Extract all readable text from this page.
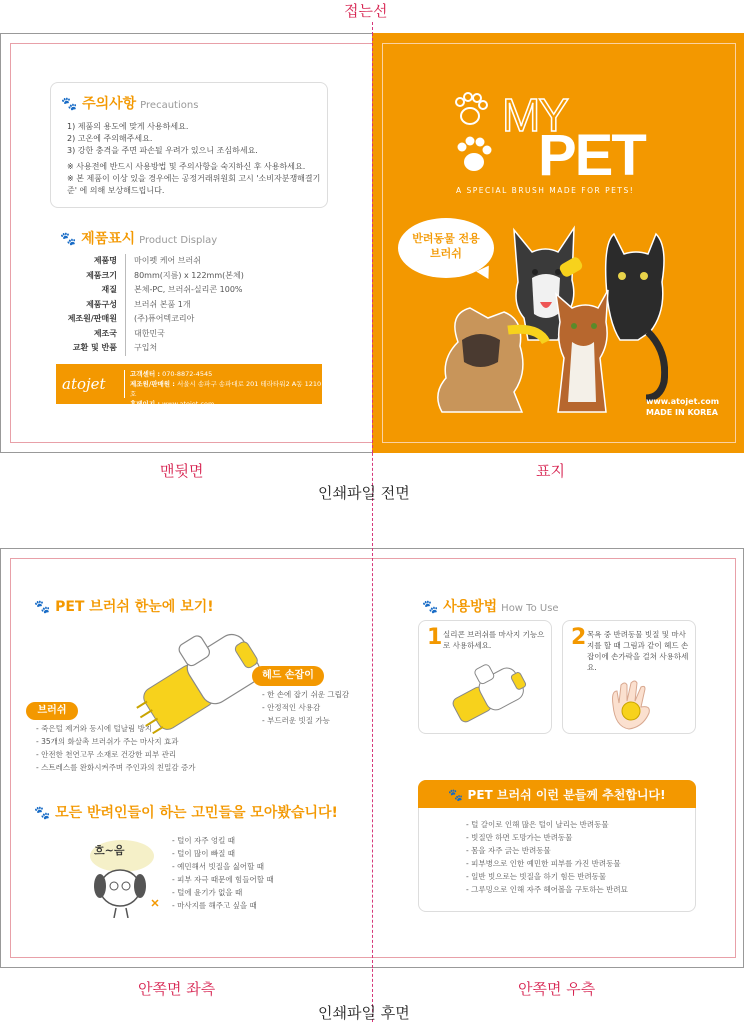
접는선
🐾 주의사항 Precautions
1) 제품의 용도에 맞게 사용하세요.
2) 고온에 주의해주세요.
3) 강한 충격을 주면 파손될 우려가 있으니 조심하세요.
※ 사용전에 반드시 사용방법 및 주의사항을 숙지하신 후 사용하세요.
※ 본 제품이 이상 있을 경우에는 공정거래위원회 고시 '소비자분쟁해결기준' 에 의해 보상해드립니다.
🐾 제품표시 Product Display
제품명	마이펫 케어 브러쉬
제품크기	80mm(지름) x 122mm(본체)
재질	본체-PC, 브러쉬-실리콘 100%
제품구성	브러쉬 본품 1개
제조원/판매원	(주)퓨어텍코리아
제조국	대한민국
교환 및 반품	구입처
atojet
고객센터 : 070-8872-4545
제조원/판매원 : 서울시 송파구 송파대로 201 테라타워2 A동 1210호
홈페이지 : www.atojet.com
MY
PET
A SPECIAL BRUSH MADE FOR PETS!
반려동물 전용
브러쉬
www.atojet.com
MADE IN KOREA
맨뒷면	표지
인쇄파일 전면
🐾 PET 브러쉬 한눈에 보기!
헤드 손잡이
- 한 손에 잡기 쉬운 그립감
- 안정적인 사용감
- 부드러운 빗질 가능
브러쉬
- 죽은털 제거와 동시에 털날림 방지
- 35개의 화살촉 브러쉬가 주는 마사지 효과
- 안전한 천연고무 소재로 건강한 피부 관리
- 스트레스를 완화시켜주며 주인과의 친밀감 증가
🐾 모든 반려인들이 하는 고민들을 모아봤습니다!
흐~음
- 털이 자주 엉킬 때
- 털이 많이 빠질 때
- 예민해서 빗질을 싫어할 때
- 피부 자극 때문에 힘들어할 때
- 털에 윤기가 없을 때
- 마사지를 해주고 싶을 때
🐾 사용방법 How To Use
1 실리콘 브러쉬를 마사지 기능으로 사용하세요.	2 목욕 중 반려동물 빗질 및 마사지를 할 때 그림과 같이 헤드 손잡이에 손가락을 걸쳐 사용하세요.
🐾 PET 브러쉬 이런 분들께 추천합니다!
- 털 갈이로 인해 많은 털이 날리는 반려동물
- 빗질만 하면 도망가는 반려동물
- 몸을 자주 긁는 반려동물
- 피부병으로 인한 예민한 피부를 가진 반려동물
- 일반 빗으로는 빗질을 하기 힘든 반려동물
- 그루밍으로 인해 자주 헤어볼을 구토하는 반려묘
안쪽면 좌측	안쪽면 우측
인쇄파일 후면
